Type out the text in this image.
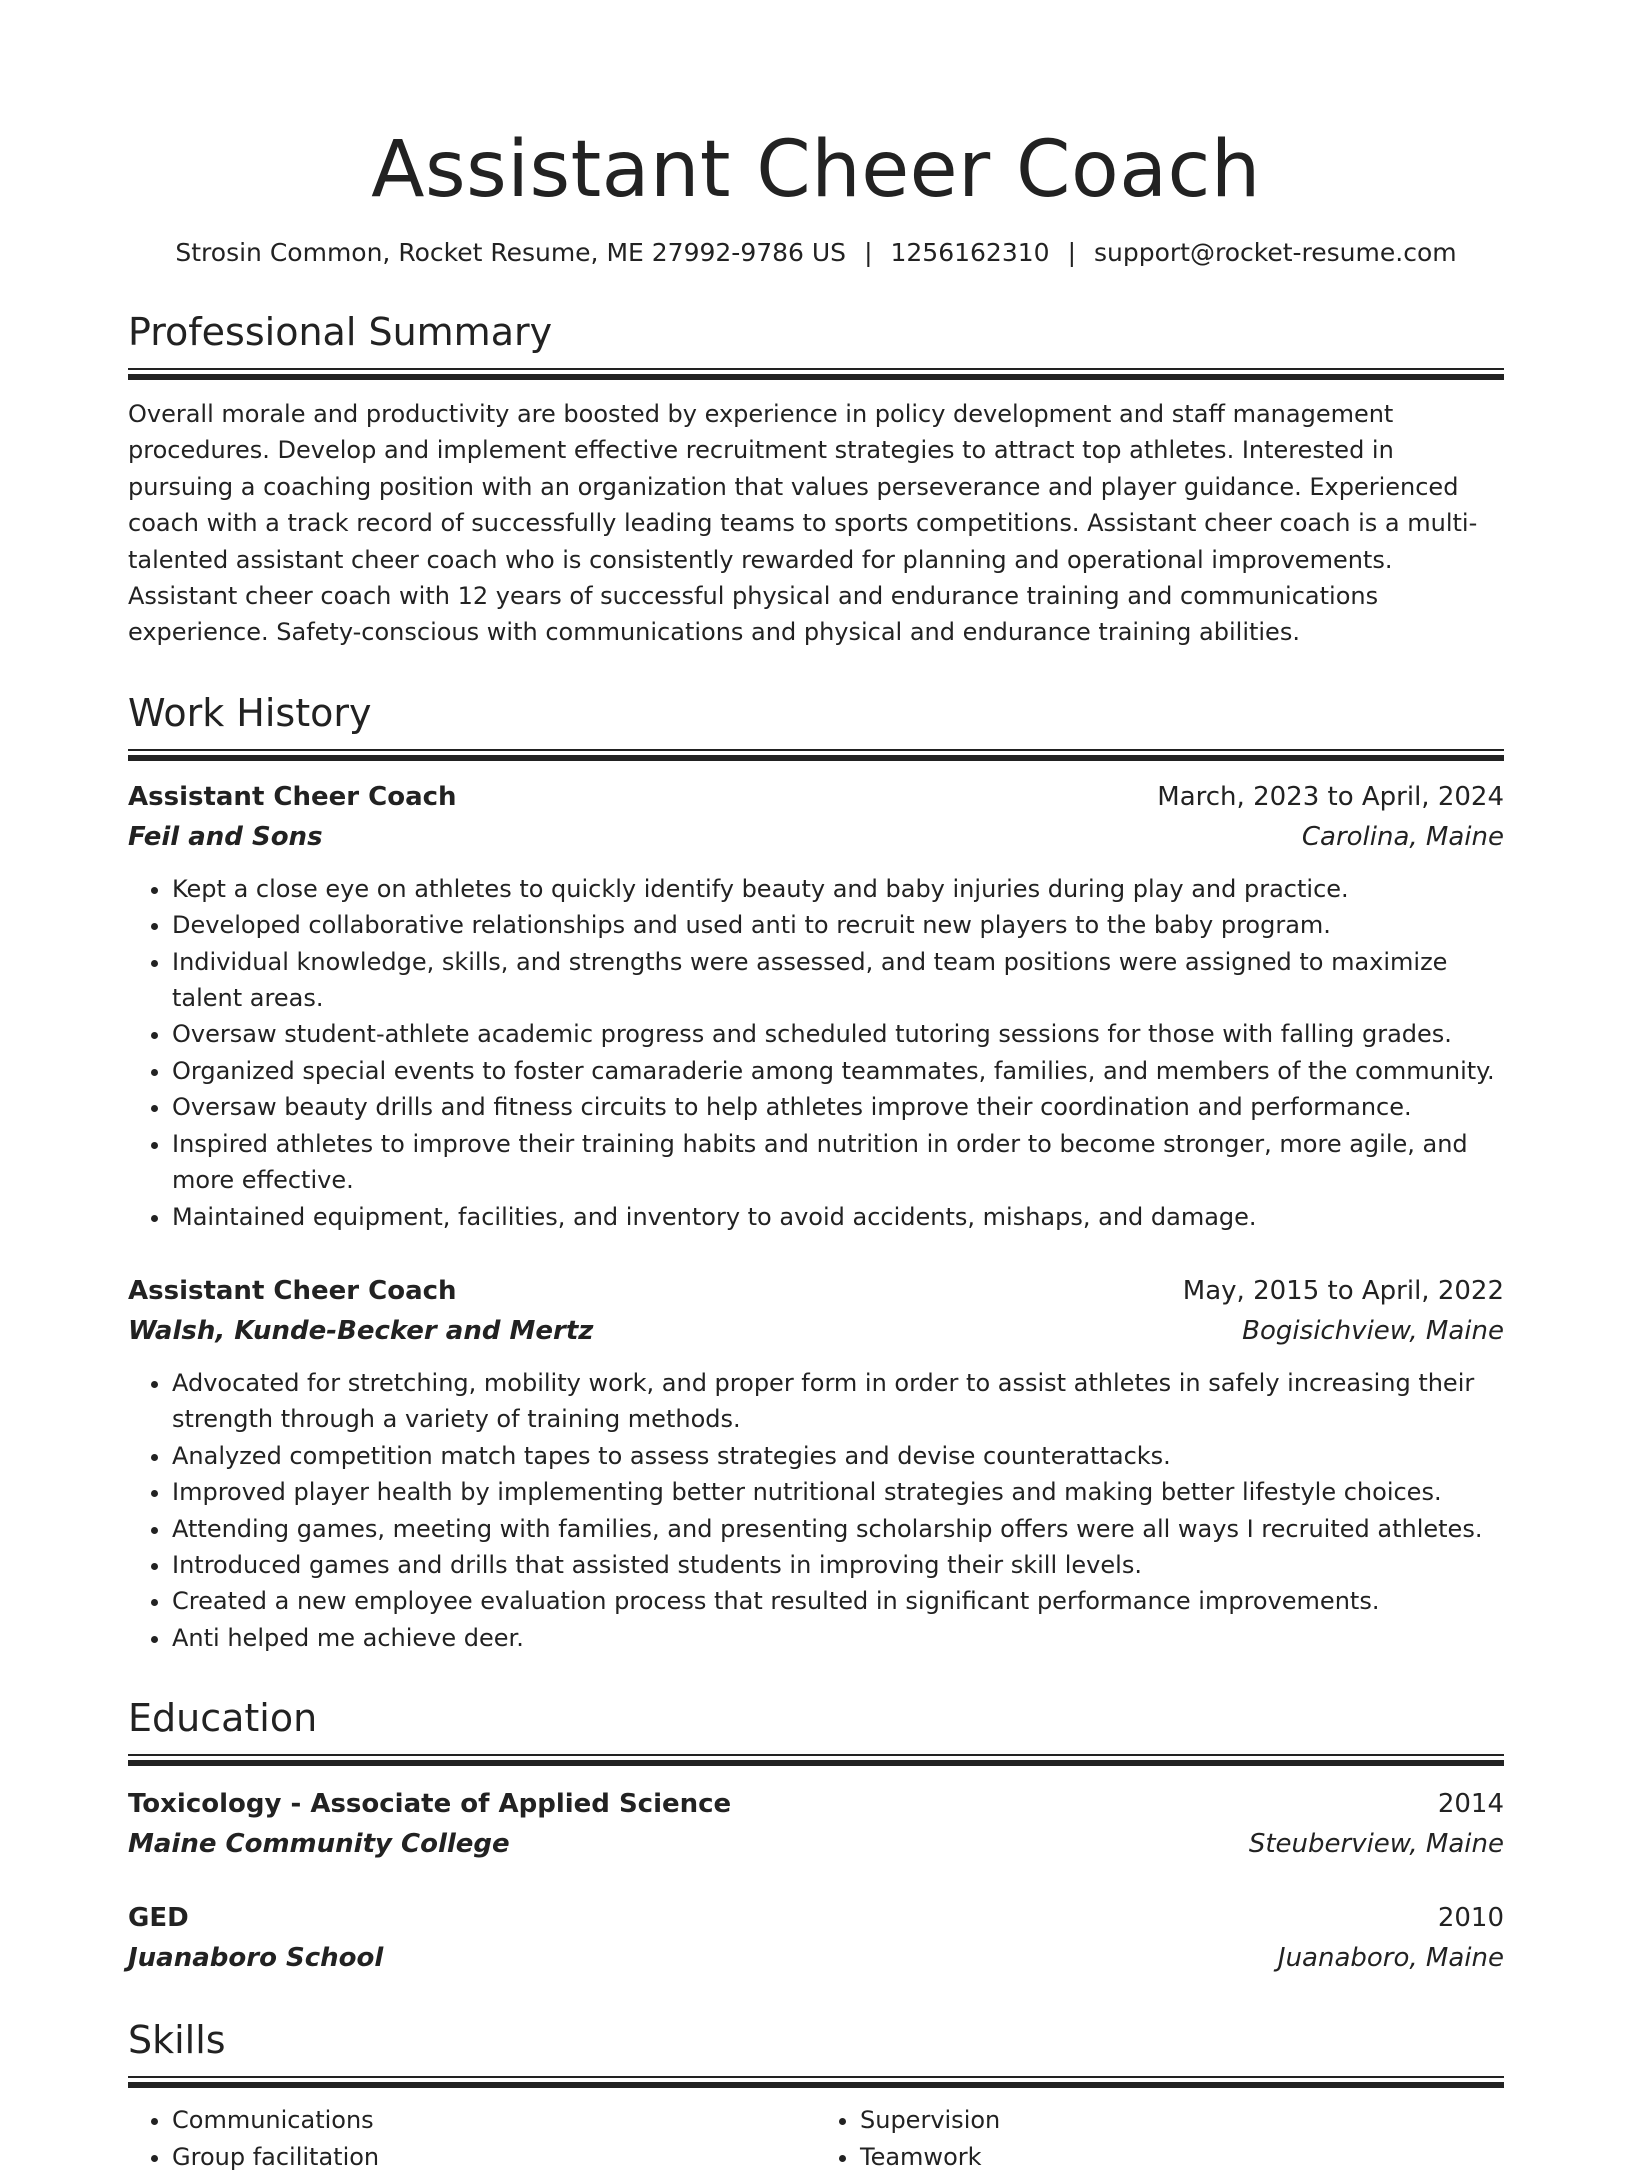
Assistant Cheer Coach
Strosin Common, Rocket Resume, ME 27992-9786 US | 1256162310 | support@rocket-resume.com
Professional Summary
Overall morale and productivity are boosted by experience in policy development and staff management procedures. Develop and implement effective recruitment strategies to attract top athletes. Interested in pursuing a coaching position with an organization that values perseverance and player guidance. Experienced coach with a track record of successfully leading teams to sports competitions. Assistant cheer coach is a multi-talented assistant cheer coach who is consistently rewarded for planning and operational improvements. Assistant cheer coach with 12 years of successful physical and endurance training and communications experience. Safety-conscious with communications and physical and endurance training abilities.
Work History
Assistant Cheer Coach	March, 2023 to April, 2024
Feil and Sons	Carolina, Maine
• Kept a close eye on athletes to quickly identify beauty and baby injuries during play and practice.
• Developed collaborative relationships and used anti to recruit new players to the baby program.
• Individual knowledge, skills, and strengths were assessed, and team positions were assigned to maximize talent areas.
• Oversaw student-athlete academic progress and scheduled tutoring sessions for those with falling grades.
• Organized special events to foster camaraderie among teammates, families, and members of the community.
• Oversaw beauty drills and fitness circuits to help athletes improve their coordination and performance.
• Inspired athletes to improve their training habits and nutrition in order to become stronger, more agile, and more effective.
• Maintained equipment, facilities, and inventory to avoid accidents, mishaps, and damage.
Assistant Cheer Coach	May, 2015 to April, 2022
Walsh, Kunde-Becker and Mertz	Bogisichview, Maine
• Advocated for stretching, mobility work, and proper form in order to assist athletes in safely increasing their strength through a variety of training methods.
• Analyzed competition match tapes to assess strategies and devise counterattacks.
• Improved player health by implementing better nutritional strategies and making better lifestyle choices.
• Attending games, meeting with families, and presenting scholarship offers were all ways I recruited athletes.
• Introduced games and drills that assisted students in improving their skill levels.
• Created a new employee evaluation process that resulted in significant performance improvements.
• Anti helped me achieve deer.
Education
Toxicology - Associate of Applied Science	2014
Maine Community College	Steuberview, Maine
GED	2010
Juanaboro School	Juanaboro, Maine
Skills
• Communications
• Group facilitation
• Supervision
• Teamwork
